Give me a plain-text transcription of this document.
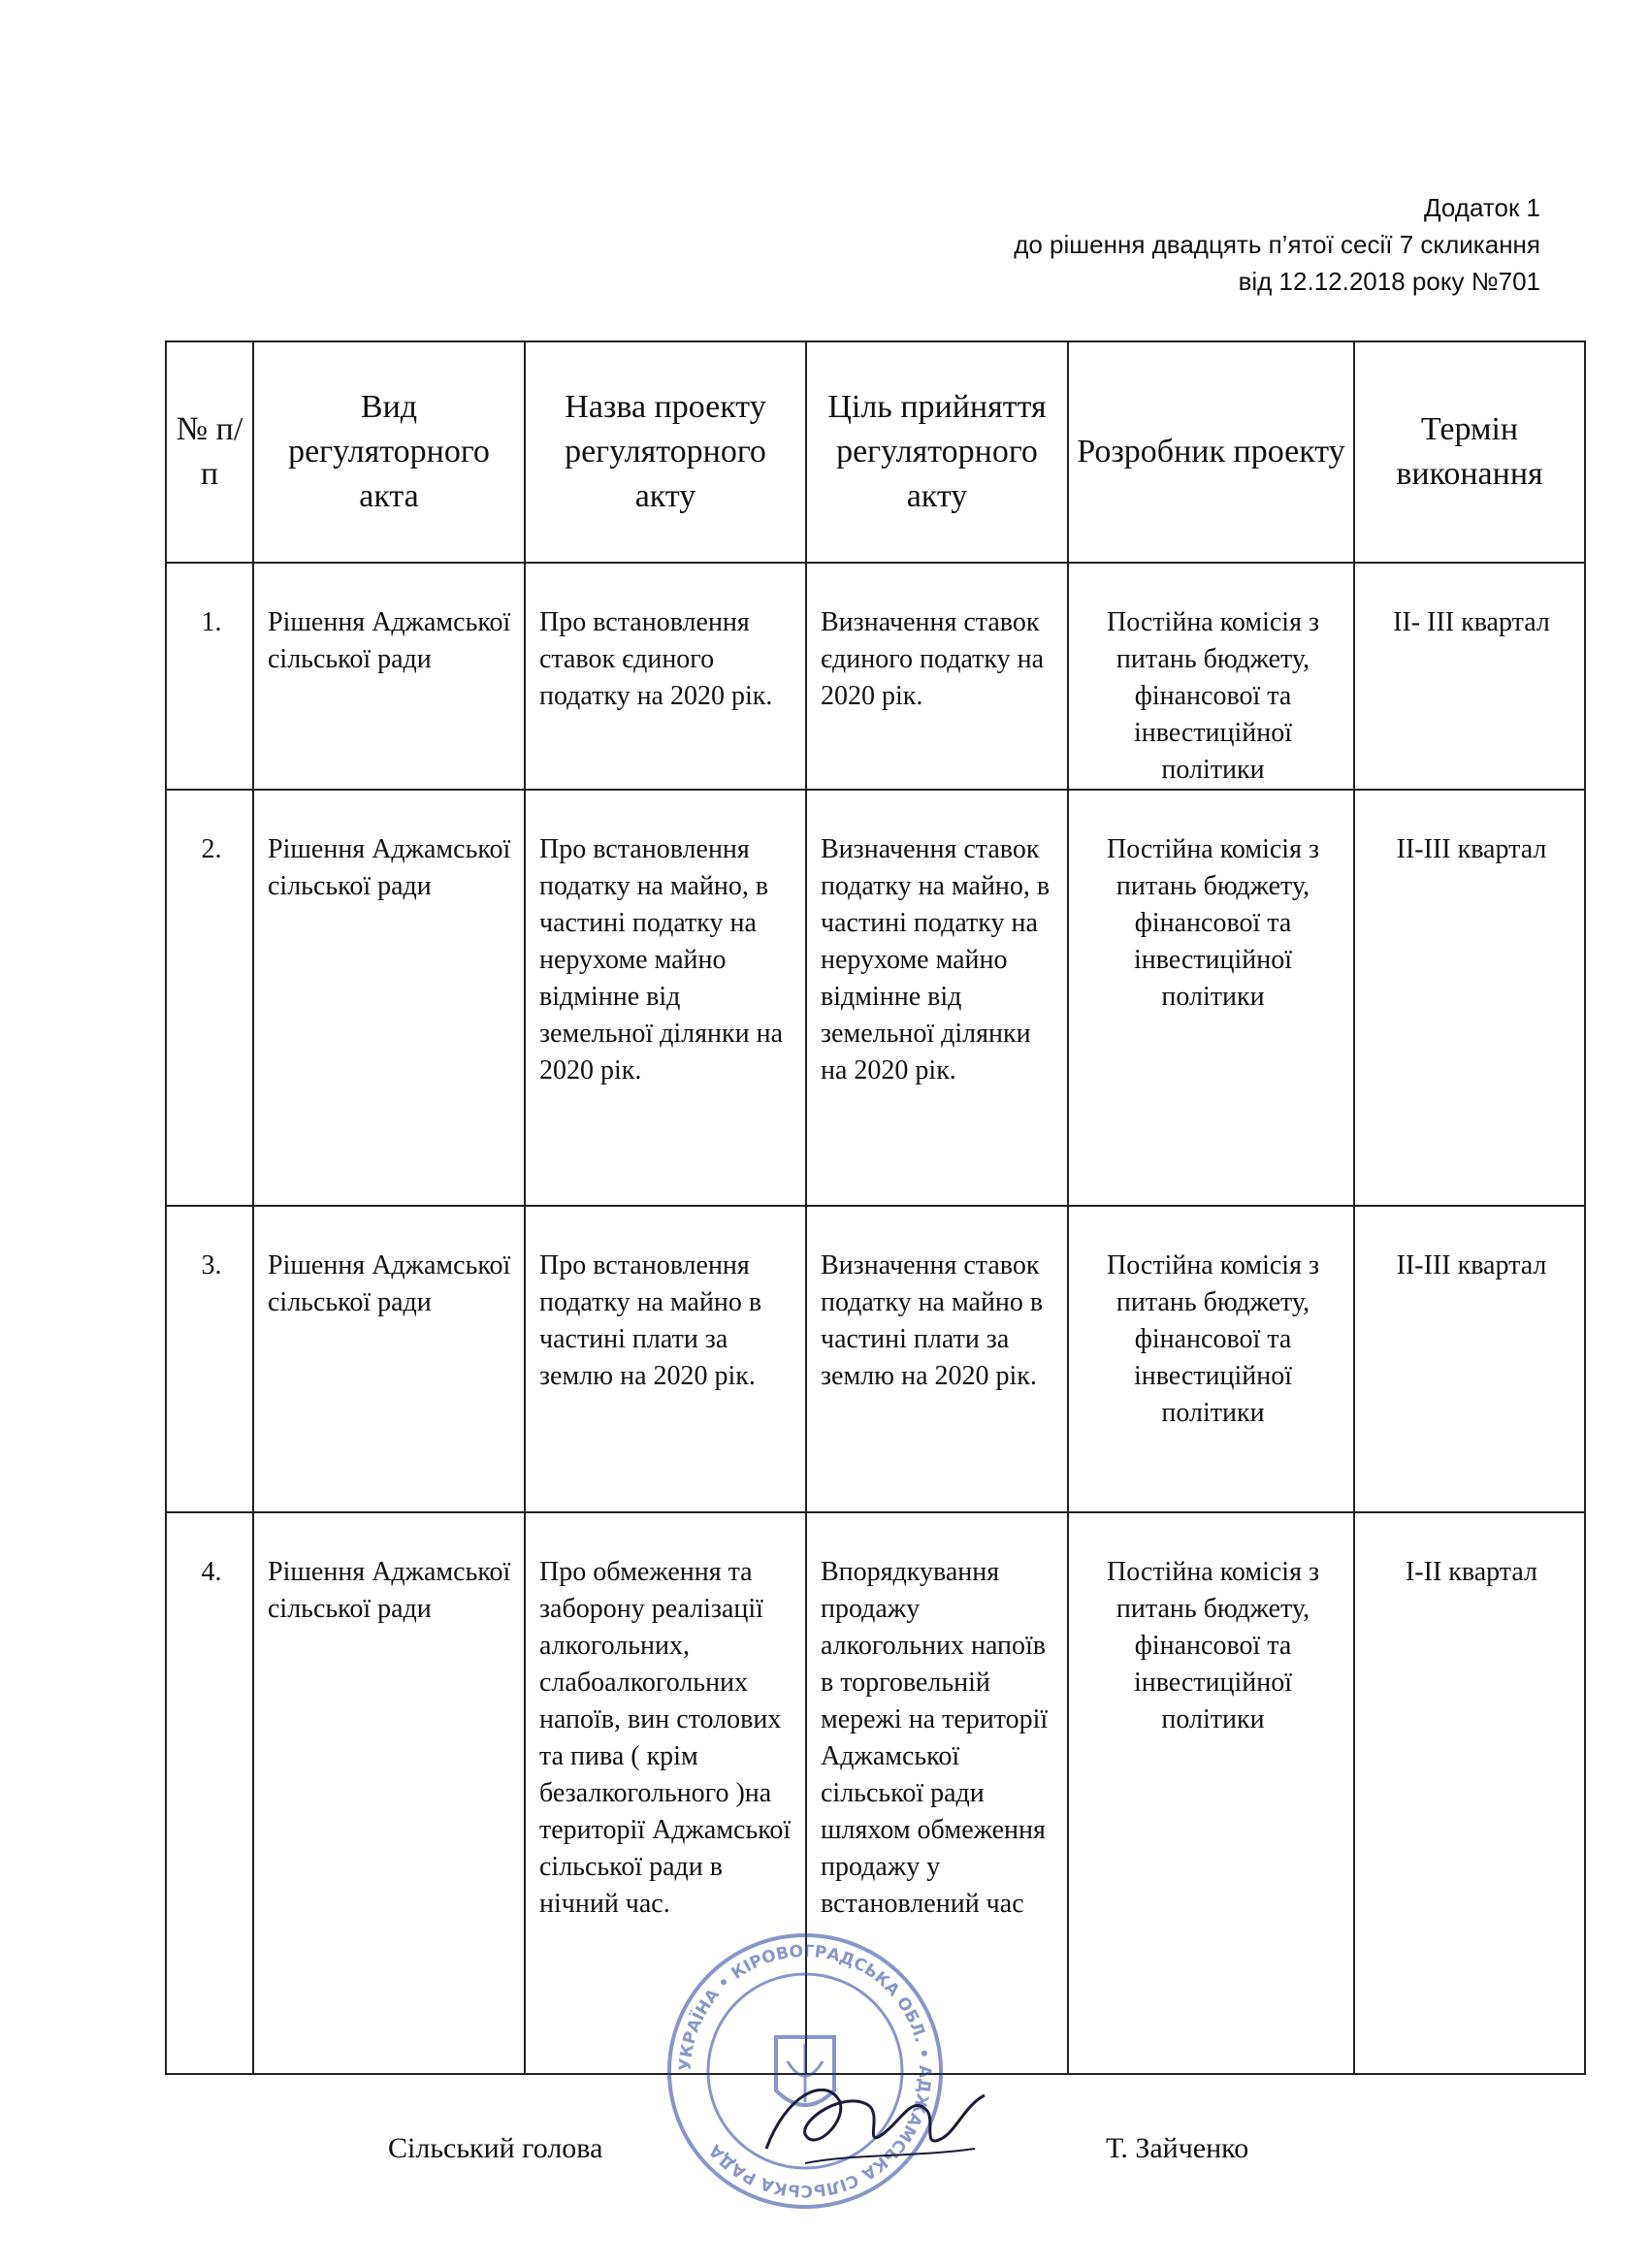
Додаток 1
до рішення двадцять п’ятої сесії 7 скликання
від 12.12.2018 року №701
№ п/п	Вид регуляторного акта	Назва проекту регуляторного акту	Ціль прийняття регуляторного акту	Розробник проекту	Термін виконання
1.	Рішення Аджамської сільської ради	Про встановлення ставок єдиного податку на 2020 рік.	Визначення ставок єдиного податку на 2020 рік.	Постійна комісія з питань бюджету, фінансової та інвестиційної політики	ІІ- ІІІ квартал
2.	Рішення Аджамської сільської ради	Про встановлення податку на майно, в частині податку на нерухоме майно відмінне від земельної ділянки на 2020 рік.	Визначення ставок податку на майно, в частині податку на нерухоме майно відмінне від земельної ділянки на 2020 рік.	Постійна комісія з питань бюджету, фінансової та інвестиційної політики	ІІ-ІІІ квартал
3.	Рішення Аджамської сільської ради	Про встановлення податку на майно в частині плати за землю на 2020 рік.	Визначення ставок податку на майно в частині плати за землю на 2020 рік.	Постійна комісія з питань бюджету, фінансової та інвестиційної політики	ІІ-ІІІ квартал
4.	Рішення Аджамської сільської ради	Про обмеження та заборону реалізації алкогольних, слабоалкогольних напоїв, вин столових та пива ( крім безалкогольного )на території Аджамської сільської ради в нічний час.	Впорядкування продажу алкогольних напоїв в торговельній мережі на території Аджамської сільської ради шляхом обмеження продажу у встановлений час	Постійна комісія з питань бюджету, фінансової та інвестиційної політики	І-ІІ квартал
УКРАЇНА • КІРОВОГРАДСЬКА ОБЛ. • АДЖАМСЬКА СІЛЬСЬКА РАДА
Сільський голова	Т. Зайченко
